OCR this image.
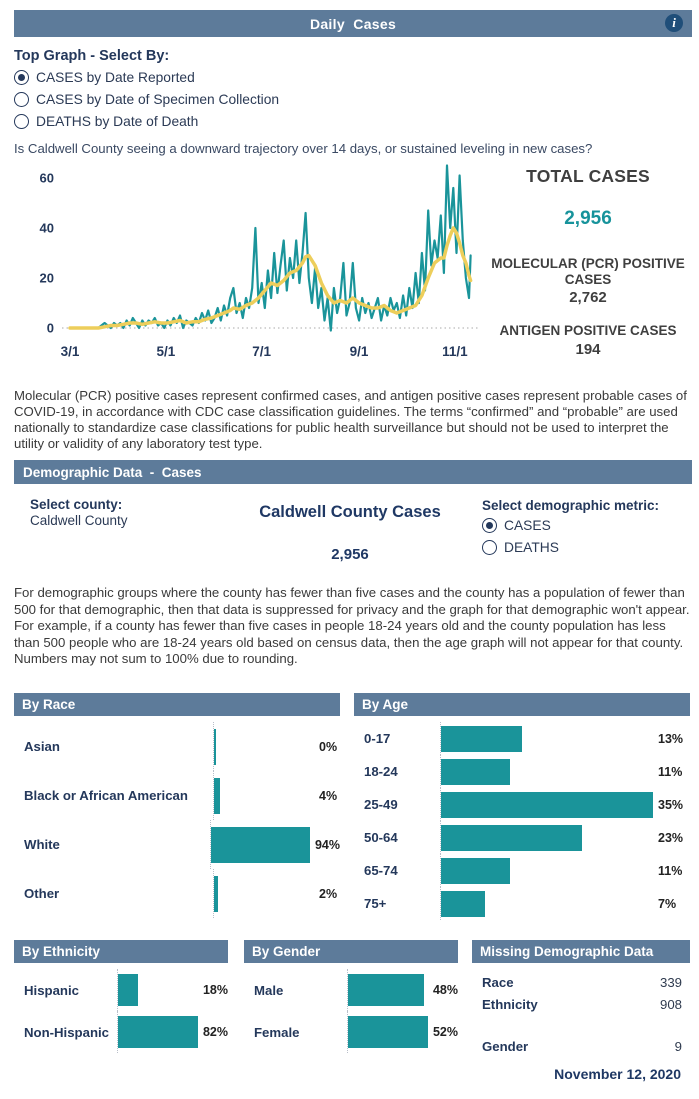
Daily  Cases	i
Top Graph - Select By:
CASES by Date Reported
CASES by Date of Specimen Collection
DEATHS by Date of Death
Is Caldwell County seeing a downward trajectory over 14 days, or sustained leveling in new cases?
0
20
40
60
3/1	5/1	7/1	9/1	11/1
TOTAL CASES
2,956
MOLECULAR (PCR) POSITIVE CASES
2,762
ANTIGEN POSITIVE CASES
194
Molecular (PCR) positive cases represent confirmed cases, and antigen positive cases represent probable cases of COVID-19, in accordance with CDC case classification guidelines. The terms “confirmed” and “probable” are used nationally to standardize case classifications for public health surveillance but should not be used to interpret the utility or validity of any laboratory test type.
Demographic Data  -  Cases
Select county:
Caldwell County	Caldwell County Cases
2,956
Select demographic metric:
CASES
DEATHS
For demographic groups where the county has fewer than five cases and the county has a population of fewer than 500 for that demographic, then that data is suppressed for privacy and the graph for that demographic won't appear. For example, if a county has fewer than five cases in people 18-24 years old and the county population has less than 500 people who are 18-24 years old based on census data, then the age graph will not appear for that county. Numbers may not sum to 100% due to rounding.
By Race
Asian	0%
Black or African American	4%
White	94%
Other	2%
By Age
0-17	13%
18-24	11%
25-49	35%
50-64	23%
65-74	11%
75+	7%
By Ethnicity
Hispanic	18%
Non-Hispanic	82%
By Gender
Male	48%
Female	52%
Missing Demographic Data
Race	339
Ethnicity	908
Gender	9
November 12, 2020
